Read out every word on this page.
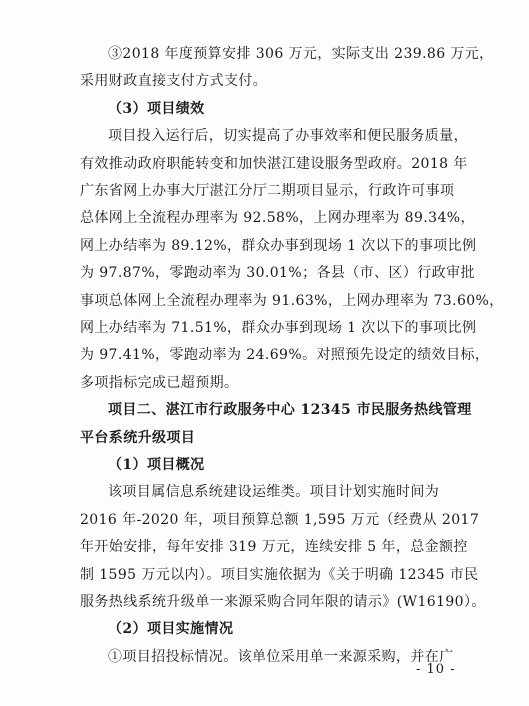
③2018 年度预算安排 306 万元，实际支出 239.86 万元，
采用财政直接支付方式支付。
（3）项目绩效
项目投入运行后，切实提高了办事效率和便民服务质量，
有效推动政府职能转变和加快湛江建设服务型政府。2018 年
广东省网上办事大厅湛江分厅二期项目显示，行政许可事项
总体网上全流程办理率为 92.58%，上网办理率为 89.34%，
网上办结率为 89.12%，群众办事到现场 1 次以下的事项比例
为 97.87%，零跑动率为 30.01%；各县（市、区）行政审批
事项总体网上全流程办理率为 91.63%，上网办理率为 73.60%，
网上办结率为 71.51%，群众办事到现场 1 次以下的事项比例
为 97.41%，零跑动率为 24.69%。对照预先设定的绩效目标，
多项指标完成已超预期。
项目二、湛江市行政服务中心 12345 市民服务热线管理
平台系统升级项目
（1）项目概况
该项目属信息系统建设运维类。项目计划实施时间为
2016 年-2020 年，项目预算总额 1,595 万元（经费从 2017
年开始安排，每年安排 319 万元，连续安排 5 年，总金额控
制 1595 万元以内）。项目实施依据为《关于明确 12345 市民
服务热线系统升级单一来源采购合同年限的请示》(W16190）。
（2）项目实施情况
①项目招投标情况。该单位采用单一来源采购，并在广
- 10 -
